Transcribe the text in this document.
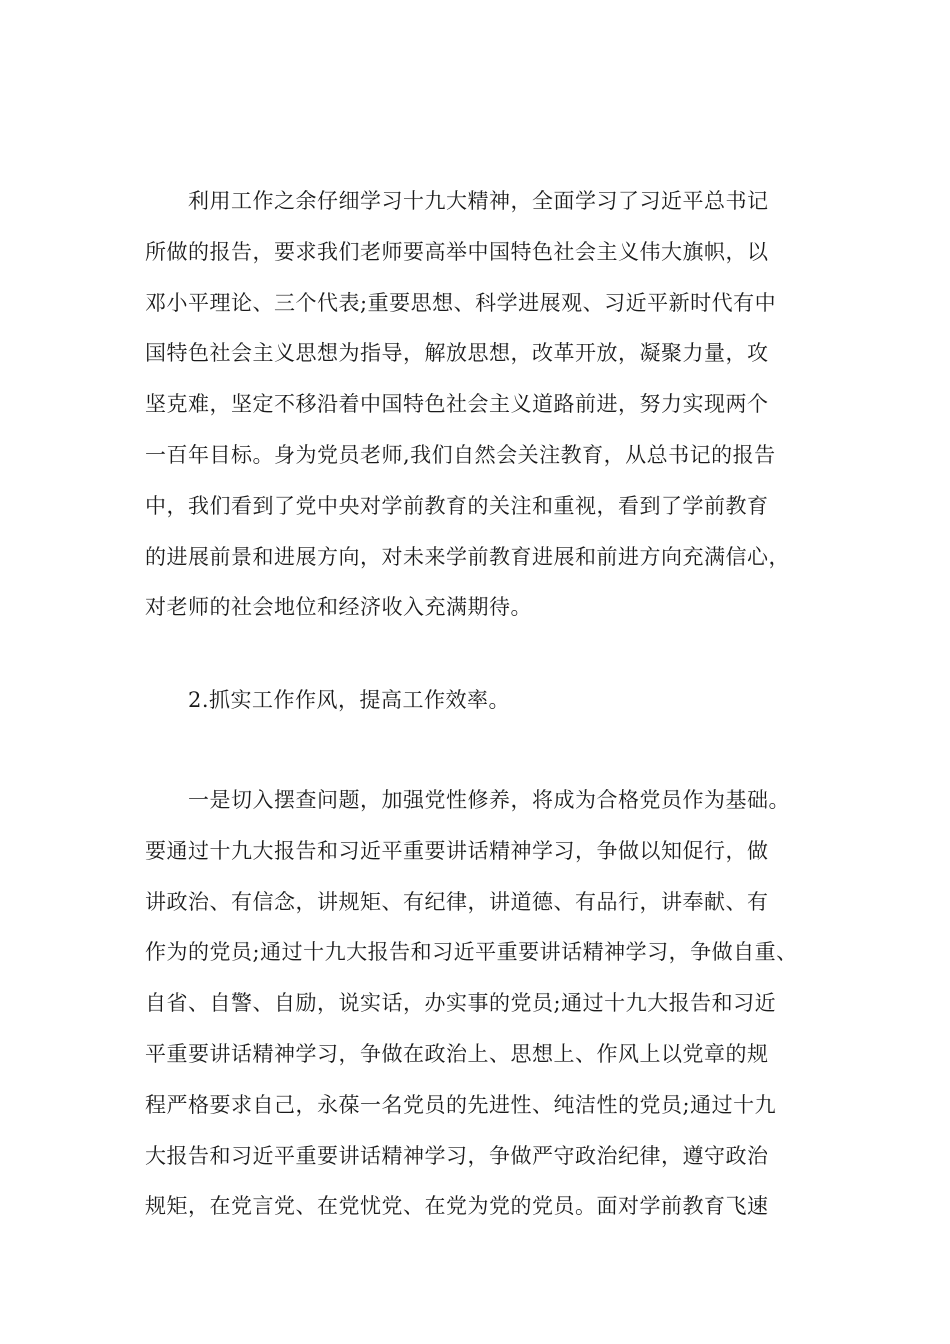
利用工作之余仔细学习十九大精神，全面学习了习近平总书记
所做的报告，要求我们老师要高举中国特色社会主义伟大旗帜，以
邓小平理论、三个代表;重要思想、科学进展观、习近平新时代有中
国特色社会主义思想为指导，解放思想，改革开放，凝聚力量，攻
坚克难，坚定不移沿着中国特色社会主义道路前进，努力实现两个
一百年目标。身为党员老师,我们自然会关注教育，从总书记的报告
中，我们看到了党中央对学前教育的关注和重视，看到了学前教育
的进展前景和进展方向，对未来学前教育进展和前进方向充满信心，
对老师的社会地位和经济收入充满期待。
2.抓实工作作风，提高工作效率。
一是切入摆查问题，加强党性修养，将成为合格党员作为基础。
要通过十九大报告和习近平重要讲话精神学习，争做以知促行，做
讲政治、有信念，讲规矩、有纪律，讲道德、有品行，讲奉献、有
作为的党员;通过十九大报告和习近平重要讲话精神学习，争做自重、
自省、自警、自励，说实话，办实事的党员;通过十九大报告和习近
平重要讲话精神学习，争做在政治上、思想上、作风上以党章的规
程严格要求自己，永葆一名党员的先进性、纯洁性的党员;通过十九
大报告和习近平重要讲话精神学习，争做严守政治纪律，遵守政治
规矩，在党言党、在党忧党、在党为党的党员。面对学前教育飞速
